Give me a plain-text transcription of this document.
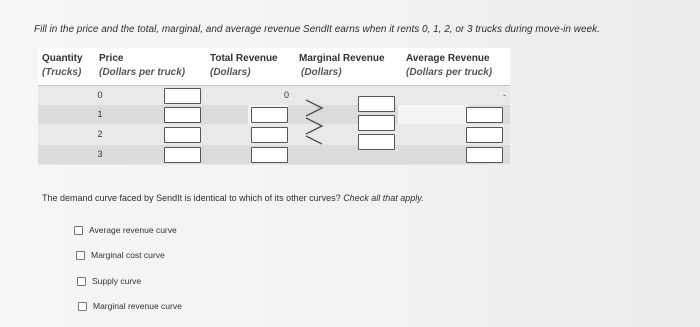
Fill in the price and the total, marginal, and average revenue SendIt earns when it rents 0, 1, 2, or 3 trucks during move-in week.
Quantity
(Trucks)
Price
(Dollars per truck)
Total Revenue
(Dollars)
Marginal Revenue
(Dollars)
Average Revenue
(Dollars per truck)
0
1
2
3
0	-
The demand curve faced by SendIt is identical to which of its other curves? Check all that apply.
Average revenue curve
Marginal cost curve
Supply curve
Marginal revenue curve
